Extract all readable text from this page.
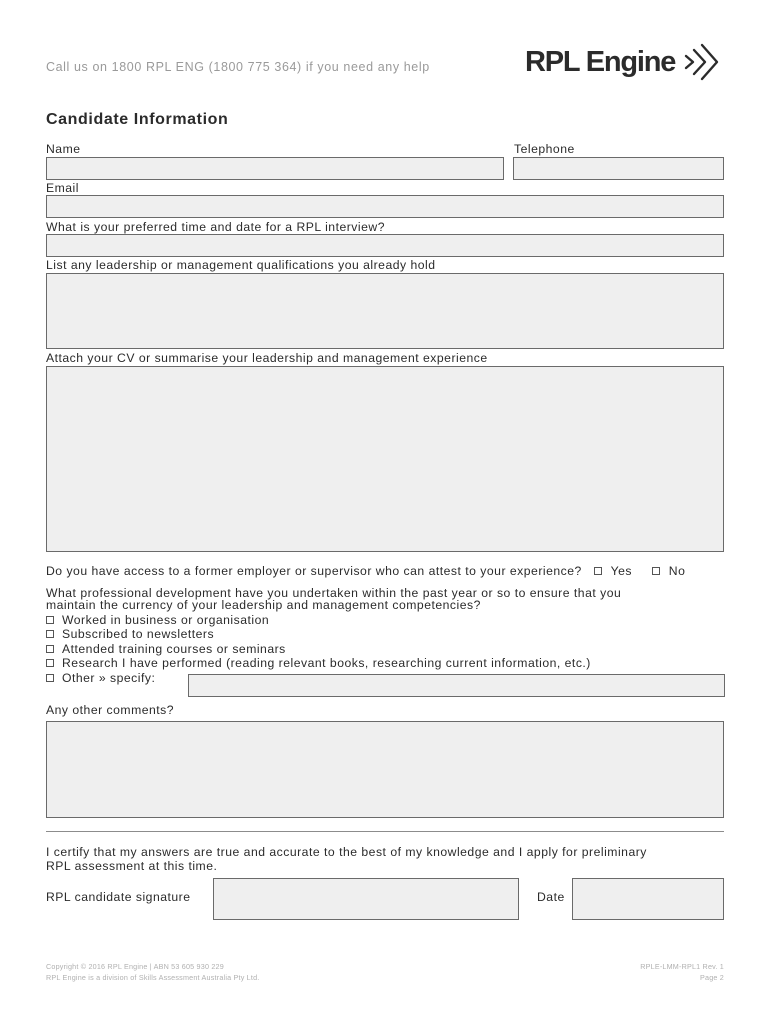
Call us on 1800 RPL ENG (1800 775 364) if you need any help	RPL Engine
Candidate Information
Name	Telephone
Email
What is your preferred time and date for a RPL interview?
List any leadership or management qualifications you already hold
Attach your CV or summarise your leadership and management experience
Do you have access to a former employer or supervisor who can attest to your experience? Yes	No
What professional development have you undertaken within the past year or so to ensure that you
maintain the currency of your leadership and management competencies?
Worked in business or organisation
Subscribed to newsletters
Attended training courses or seminars
Research I have performed (reading relevant books, researching current information, etc.)
Other » specify:
Any other comments?
I certify that my answers are true and accurate to the best of my knowledge and I apply for preliminary
RPL assessment at this time.
RPL candidate signature	Date
Copyright © 2016 RPL Engine | ABN 53 605 930 229
RPL Engine is a division of Skills Assessment Australia Pty Ltd.
RPLE-LMM-RPL1 Rev. 1
Page 2
